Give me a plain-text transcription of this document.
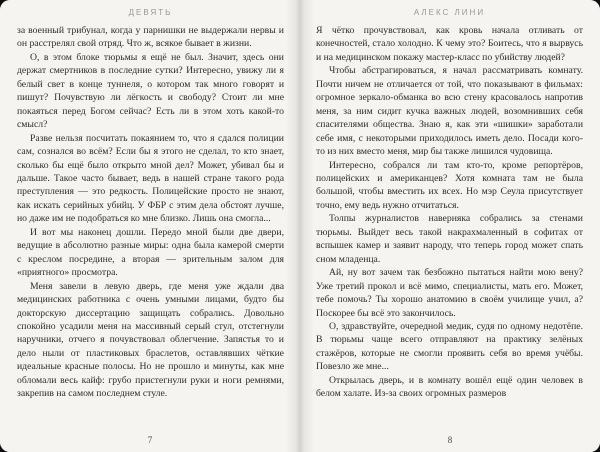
ДЕВЯТЬ

за военный трибунал, когда у парнишки не выдержали нервы и он расстрелял свой отряд. Что ж, всякое бывает в жизни.

О, в этом блоке тюрьмы я ещё не был. Значит, здесь они держат смертников в последние сутки? Интересно, увижу ли я белый свет в конце туннеля, о котором так много говорят и пишут? Почувствую ли лёгкость и свободу? Стоит ли мне покаяться перед Богом сейчас? Есть ли в этом хоть какой-то смысл?

Разве нельзя посчитать покаянием то, что я сдался полиции сам, сознался во всём? Если бы я этого не сделал, то кто знает, сколько бы ещё было открыто мной дел? Может, убивал бы и дальше. Такое часто бывает, ведь в нашей стране такого рода преступления — это редкость. Полицейские просто не знают, как искать серийных убийц. У ФБР с этим дела обстоят лучше, но даже им не подобраться ко мне близко. Лишь она смогла...

И вот мы наконец дошли. Передо мной были две двери, ведущие в абсолютно разные миры: одна была камерой смерти с креслом посредине, а вторая — зрительным залом для «приятного» просмотра.

Меня завели в левую дверь, где меня уже ждали два медицинских работника с очень умными лицами, будто бы докторскую диссертацию защищать собрались. Довольно спокойно усадили меня на массивный серый стул, отстегнули наручники, отчего я почувствовал облегчение. Запястья то и дело ныли от пластиковых браслетов, оставлявших чёткие идеальные красные полосы. Но не прошло и минуты, как мне обломали весь кайф: грубо пристегнули руки и ноги ремнями, закрепив на самом последнем стуле.

7
АЛЕКС ЛИНИ

Я чётко прочувствовал, как кровь начала отливать от конечностей, стало холодно. К чему это? Боитесь, что я вырвусь и на медицинском покажу мастер-класс по убийству людей?

Чтобы абстрагироваться, я начал рассматривать комнату. Почти ничем не отличается от той, что показывают в фильмах: огромное зеркало-обманка во всю стену красовалось напротив меня, за ним сидит кучка важных людей, возомнивших себя спасителями общества. Знаю я, как эти «шишки» заработали себе имя, с некоторыми приходилось иметь дело. Посади кого-то из них вместо меня, мир бы также лишился чудовища.

Интересно, собрался ли там кто-то, кроме репортёров, полицейских и американцев? Хотя комната там не была большой, чтобы вместить их всех. Но мэр Сеула присутствует точно, ему ведь нужно отчитаться.

Толпы журналистов наверняка собрались за стенами тюрьмы. Выйдет весь такой накрахмаленный в софитах от вспышек камер и заявит народу, что теперь город может спать сном младенца.

Ай, ну вот зачем так безбожно пытаться найти мою вену? Уже третий прокол и всё мимо, специалисты, мать его. Может, тебе помочь? Ты хорошо анатомию в своём училище учил, а? Поскорее бы всё это закончилось.

О, здравствуйте, очередной медик, судя по одному недотёпе. В тюрьмы чаще всего отправляют на практику зелёных стажёров, которые не смогли проявить себя во время учёбы. Повезло же мне...

Открылась дверь, и в комнату вошёл ещё один человек в белом халате. Из-за своих огромных размеров

8
